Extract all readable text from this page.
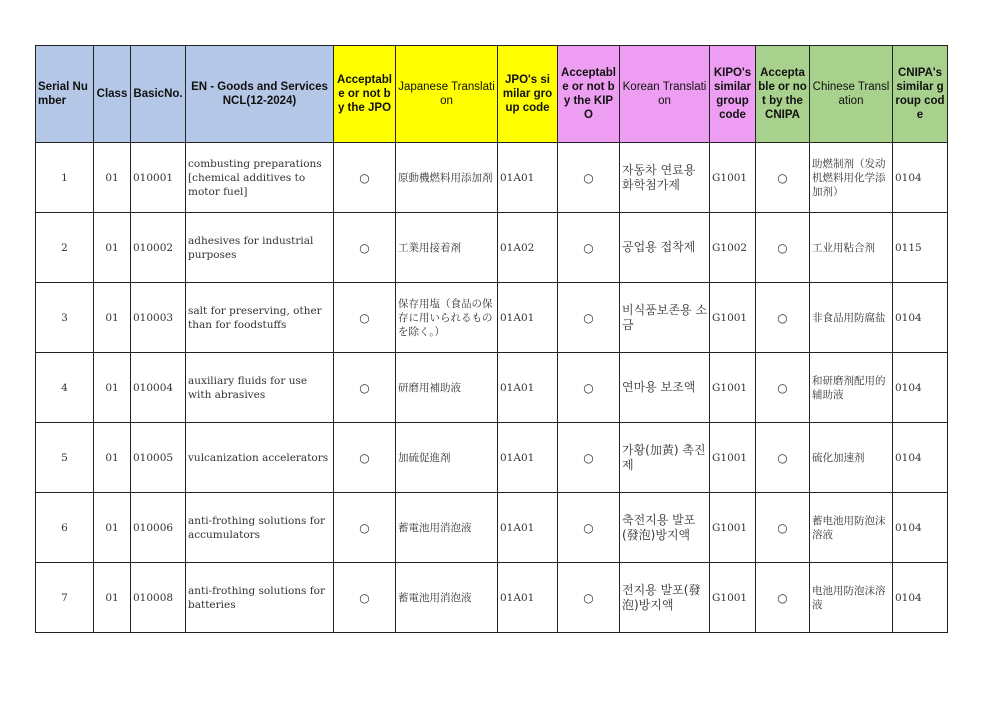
Serial Number	Class	BasicNo.	EN - Goods and Services NCL(12-2024)	Acceptable or not by the JPO	Japanese Translation	JPO's similar group code	Acceptable or not by the KIPO	Korean Translation	KIPO's similar group code	Acceptable or not by the CNIPA	Chinese Translation	CNIPA's similar group code
1	01	010001	combusting preparations [chemical additives to motor fuel]	○	原動機燃料用添加剤	01A01	○	자동차 연료용 화학첨가제	G1001	○	助燃制剂（发动机燃料用化学添加剂）	0104
2	01	010002	adhesives for industrial purposes	○	工業用接着剤	01A02	○	공업용 접착제	G1002	○	工业用粘合剂	0115
3	01	010003	salt for preserving, other than for foodstuffs	○	保存用塩（食品の保存に用いられるものを除く。）	01A01	○	비식품보존용 소금	G1001	○	非食品用防腐盐	0104
4	01	010004	auxiliary fluids for use with abrasives	○	研磨用補助液	01A01	○	연마용 보조액	G1001	○	和研磨剂配用的辅助液	0104
5	01	010005	vulcanization accelerators	○	加硫促進剤	01A01	○	가황(加黃) 촉진제	G1001	○	硫化加速剂	0104
6	01	010006	anti-frothing solutions for accumulators	○	蓄電池用消泡液	01A01	○	축전지용 발포(發泡)방지액	G1001	○	蓄电池用防泡沫溶液	0104
7	01	010008	anti-frothing solutions for batteries	○	蓄電池用消泡液	01A01	○	전지용 발포(發泡)방지액	G1001	○	电池用防泡沫溶液	0104
